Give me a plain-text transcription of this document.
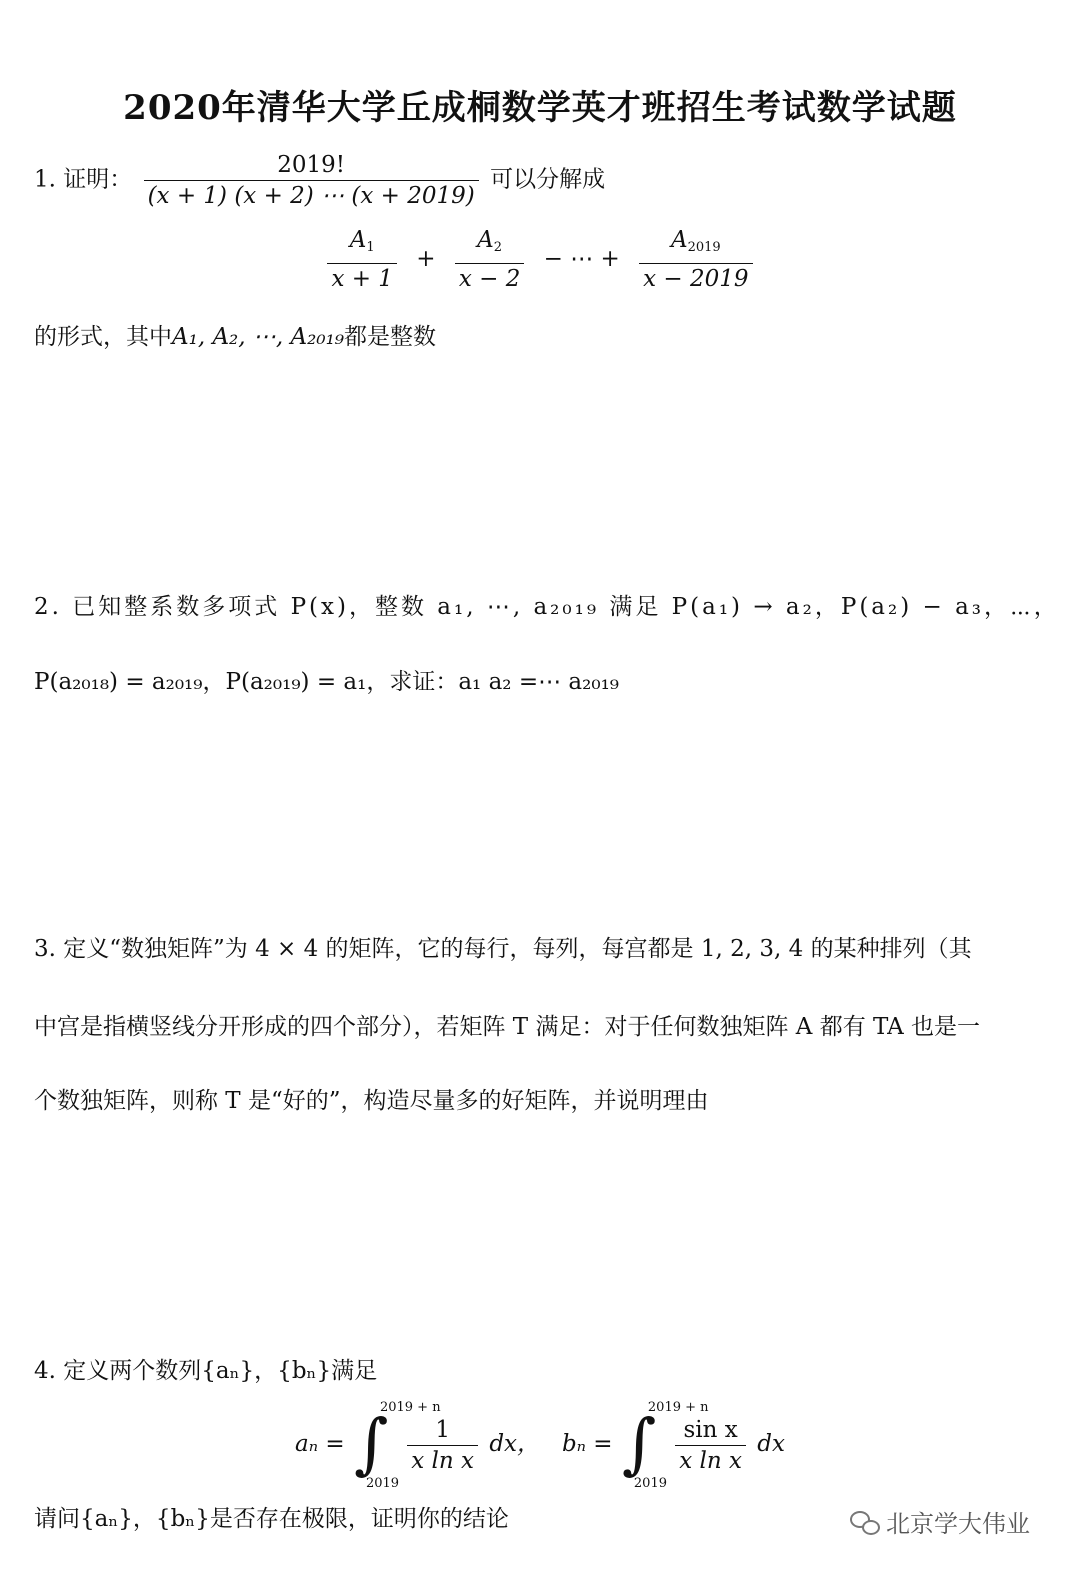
2020年清华大学丘成桐数学英才班招生考试数学试题
1. 证明： $\frac{2019!}{(x + 1) (x + 2) \cdots (x + 2019)}$ 可以分解成
$\frac{A_1}{x + 1} + \frac{A_2}{x - 2}$ − ⋯ + $\frac{A_{2019}}{x - 2019}$
的形式，其中A₁, A₂, ⋯, A₂₀₁₉都是整数
2. 已知整系数多项式 P(x)，整数 a₁, ⋯, a₂₀₁₉ 满足 P(a₁) → a₂，P(a₂) − a₃，⋯，
P(a₂₀₁₈) = a₂₀₁₉，P(a₂₀₁₉) = a₁，求证：a₁ a₂ =⋯ a₂₀₁₉
3. 定义“数独矩阵”为 4 × 4 的矩阵，它的每行，每列，每宫都是 1, 2, 3, 4 的某种排列（其
中宫是指横竖线分开形成的四个部分），若矩阵 T 满足：对于任何数独矩阵 A 都有 TA 也是一
个数独矩阵，则称 T 是“好的”，构造尽量多的好矩阵，并说明理由
4. 定义两个数列{aₙ}，{bₙ}满足
aₙ = ∫
2019 + n
2019

$\frac{1}{\text{x ln x}}$ dx， bₙ = ∫
2019 + n
2019

$\frac{\text{sin x}}{\text{x ln x}}$ dx
请问{aₙ}，{bₙ}是否存在极限，证明你的结论	北京学大伟业
